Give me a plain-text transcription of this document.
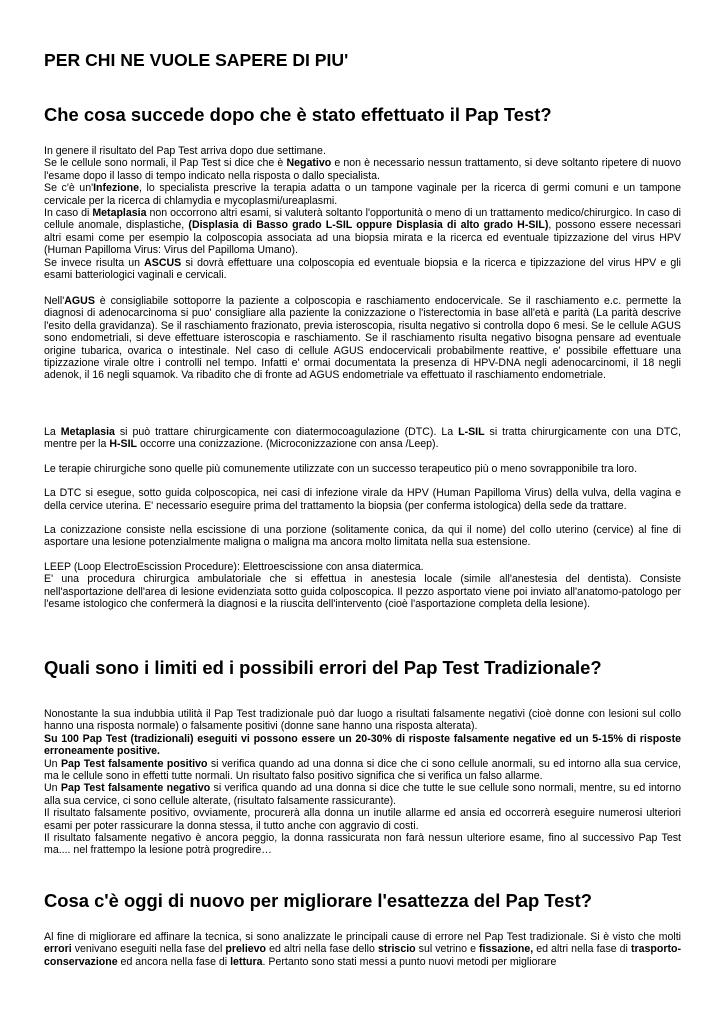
PER CHI NE VUOLE SAPERE DI PIU'
Che cosa succede dopo che è stato effettuato il Pap Test?

In genere il risultato del Pap Test arriva dopo due settimane.
Se le cellule sono normali, il Pap Test si dice che è Negativo e non è necessario nessun trattamento, si deve soltanto ripetere di nuovo l'esame dopo il lasso di tempo indicato nella risposta o dallo specialista.
Se c'è un'Infezione, lo specialista prescrive la terapia adatta o un tampone vaginale per la ricerca di germi comuni e un tampone cervicale per la ricerca di chlamydia e mycoplasmi/ureaplasmi.
In caso di Metaplasia non occorrono altri esami, si valuterà soltanto l'opportunità o meno di un trattamento medico/chirurgico. In caso di cellule anomale, displastiche, (Displasia di Basso grado L-SIL oppure Displasia di alto grado H-SIL), possono essere necessari altri esami come per esempio la colposcopia associata ad una biopsia mirata e la ricerca ed eventuale tipizzazione del virus HPV (Human Papilloma Virus: Virus del Papilloma Umano).
Se invece risulta un ASCUS si dovrà effettuare una colposcopia ed eventuale biopsia e la ricerca e tipizzazione del virus HPV e gli esami batteriologici vaginali e cervicali.

Nell'AGUS è consigliabile sottoporre la paziente a colposcopia e raschiamento endocervicale. Se il raschiamento e.c. permette la diagnosi di adenocarcinoma si puo' consigliare alla paziente la conizzazione o l'isterectomia in base all'età e parità (La parità descrive l'esito della gravidanza). Se il raschiamento frazionato, previa isteroscopia, risulta negativo si controlla dopo 6 mesi. Se le cellule AGUS sono endometriali, si deve effettuare isteroscopia e raschiamento. Se il raschiamento risulta negativo bisogna pensare ad eventuale origine tubarica, ovarica o intestinale. Nel caso di cellule AGUS endocervicali probabilmente reattive, e' possibile effettuare una tipizzazione virale oltre i controlli nel tempo. Infatti e' ormai documentata la presenza di HPV-DNA negli adenocarcinomi, il 18 negli adenok, il 16 negli squamok. Va ribadito che di fronte ad AGUS endometriale va effettuato il raschiamento endometriale.

La Metaplasia si può trattare chirurgicamente con diatermocoagulazione (DTC). La L-SIL si tratta chirurgicamente con una DTC, mentre per la H-SIL occorre una conizzazione. (Microconizzazione con ansa /Leep).

Le terapie chirurgiche sono quelle più comunemente utilizzate con un successo terapeutico più o meno sovrapponibile tra loro.

La DTC si esegue, sotto guida colposcopica, nei casi di infezione virale da HPV (Human Papilloma Virus) della vulva, della vagina e della cervice uterina. E' necessario eseguire prima del trattamento la biopsia (per conferma istologica) della sede da trattare.

La conizzazione consiste nella escissione di una porzione (solitamente conica, da qui il nome) del collo uterino (cervice) al fine di asportare una lesione potenzialmente maligna o maligna ma ancora molto limitata nella sua estensione.

LEEP (Loop ElectroEscission Procedure): Elettroescissione con ansa diatermica.
E' una procedura chirurgica ambulatoriale che si effettua in anestesia locale (simile all'anestesia del dentista). Consiste nell'asportazione dell'area di lesione evidenziata sotto guida colposcopica. Il pezzo asportato viene poi inviato all'anatomo-patologo per l'esame istologico che confermerà la diagnosi e la riuscita dell'intervento (cioè l'asportazione completa della lesione).

Quali sono i limiti ed i possibili errori del Pap Test Tradizionale?

Nonostante la sua indubbia utilità il Pap Test tradizionale può dar luogo a risultati falsamente negativi (cioè donne con lesioni sul collo hanno una risposta normale) o falsamente positivi (donne sane hanno una risposta alterata).
Su 100 Pap Test (tradizionali) eseguiti vi possono essere un 20-30% di risposte falsamente negative ed un 5-15% di risposte erroneamente positive.
Un Pap Test falsamente positivo si verifica quando ad una donna si dice che ci sono cellule anormali, su ed intorno alla sua cervice, ma le cellule sono in effetti tutte normali. Un risultato falso positivo significa che si verifica un falso allarme.
Un Pap Test falsamente negativo si verifica quando ad una donna si dice che tutte le sue cellule sono normali, mentre, su ed intorno alla sua cervice, ci sono cellule alterate, (risultato falsamente rassicurante).
Il risultato falsamente positivo, ovviamente, procurerà alla donna un inutile allarme ed ansia ed occorrerà eseguire numerosi ulteriori esami per poter rassicurare la donna stessa, il tutto anche con aggravio di costi.
Il risultato falsamente negativo è ancora peggio, la donna rassicurata non farà nessun ulteriore esame, fino al successivo Pap Test ma.... nel frattempo la lesione potrà progredire…

Cosa c'è oggi di nuovo per migliorare l'esattezza del Pap Test?

Al fine di migliorare ed affinare la tecnica, si sono analizzate le principali cause di errore nel Pap Test tradizionale. Si è visto che molti errori venivano eseguiti nella fase del prelievo ed altri nella fase dello striscio sul vetrino e fissazione, ed altri nella fase di trasporto-conservazione ed ancora nella fase di lettura. Pertanto sono stati messi a punto nuovi metodi per migliorare
